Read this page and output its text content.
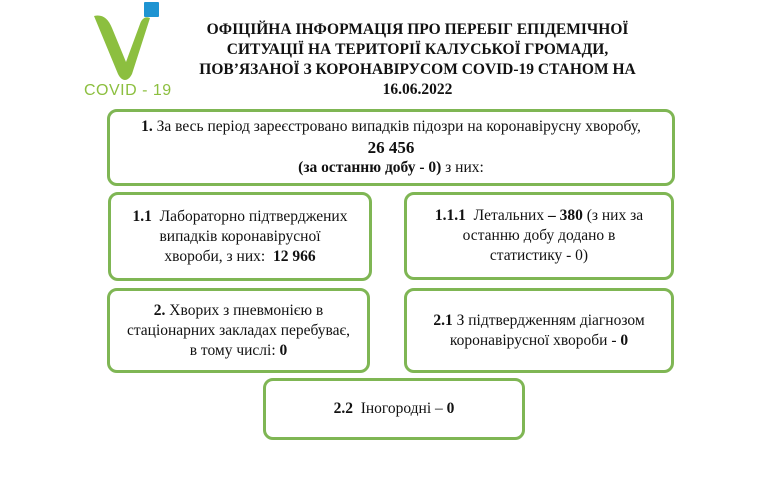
COVID - 19
ОФІЦІЙНА ІНФОРМАЦІЯ ПРО ПЕРЕБІГ ЕПІДЕМІЧНОЇ
СИТУАЦІЇ НА ТЕРИТОРІЇ КАЛУСЬКОЇ ГРОМАДИ,
ПОВ’ЯЗАНОЇ З КОРОНАВІРУСОМ COVID-19 СТАНОМ НА
16.06.2022
1. За весь період зареєстровано випадків підозри на коронавірусну хворобу,
26 456
(за останню добу - 0) з них:
1.1 Лабораторно підтверджених
випадків коронавірусної
хвороби, з них: 12 966
1.1.1 Летальних – 380 (з них за
останню добу додано в
статистику - 0)
2. Хворих з пневмонією в
стаціонарних закладах перебуває,
в тому числі: 0
2.1 З підтвердженням діагнозом
коронавірусної хвороби - 0
2.2 Іногородні – 0
